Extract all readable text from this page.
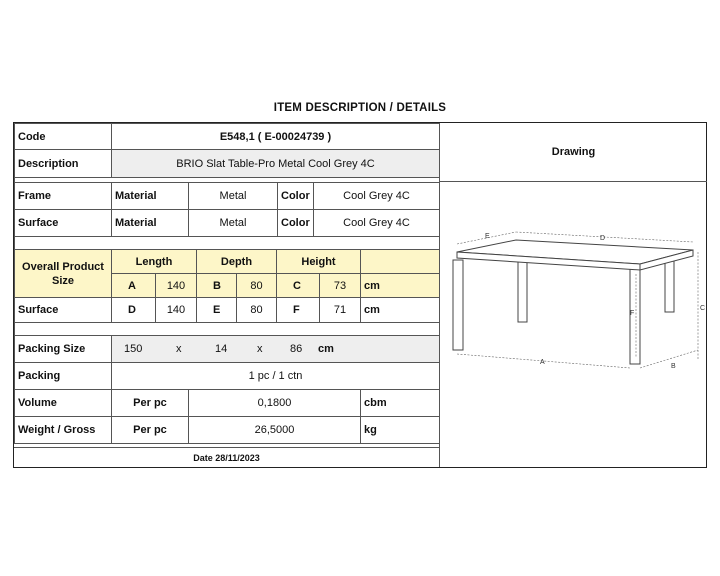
ITEM DESCRIPTION / DETAILS
Code	E548,1 ( E-00024739 )
Description	BRIO Slat Table-Pro Metal Cool Grey 4C
Frame	Material	Metal	Color	Cool Grey 4C
Surface	Material	Metal	Color	Cool Grey 4C
Overall Product Size
Length	Depth	Height
A	140	B	80	C	73	cm
Surface	D	140	E	80	F	71	cm
Packing Size	150	x	14	x	86 cm
Packing	1 pc / 1 ctn
Volume	Per pc	0,1800	cbm
Weight / Gross	Per pc	26,5000	kg
Date 28/11/2023
Drawing
E	D
F
C
A
B
